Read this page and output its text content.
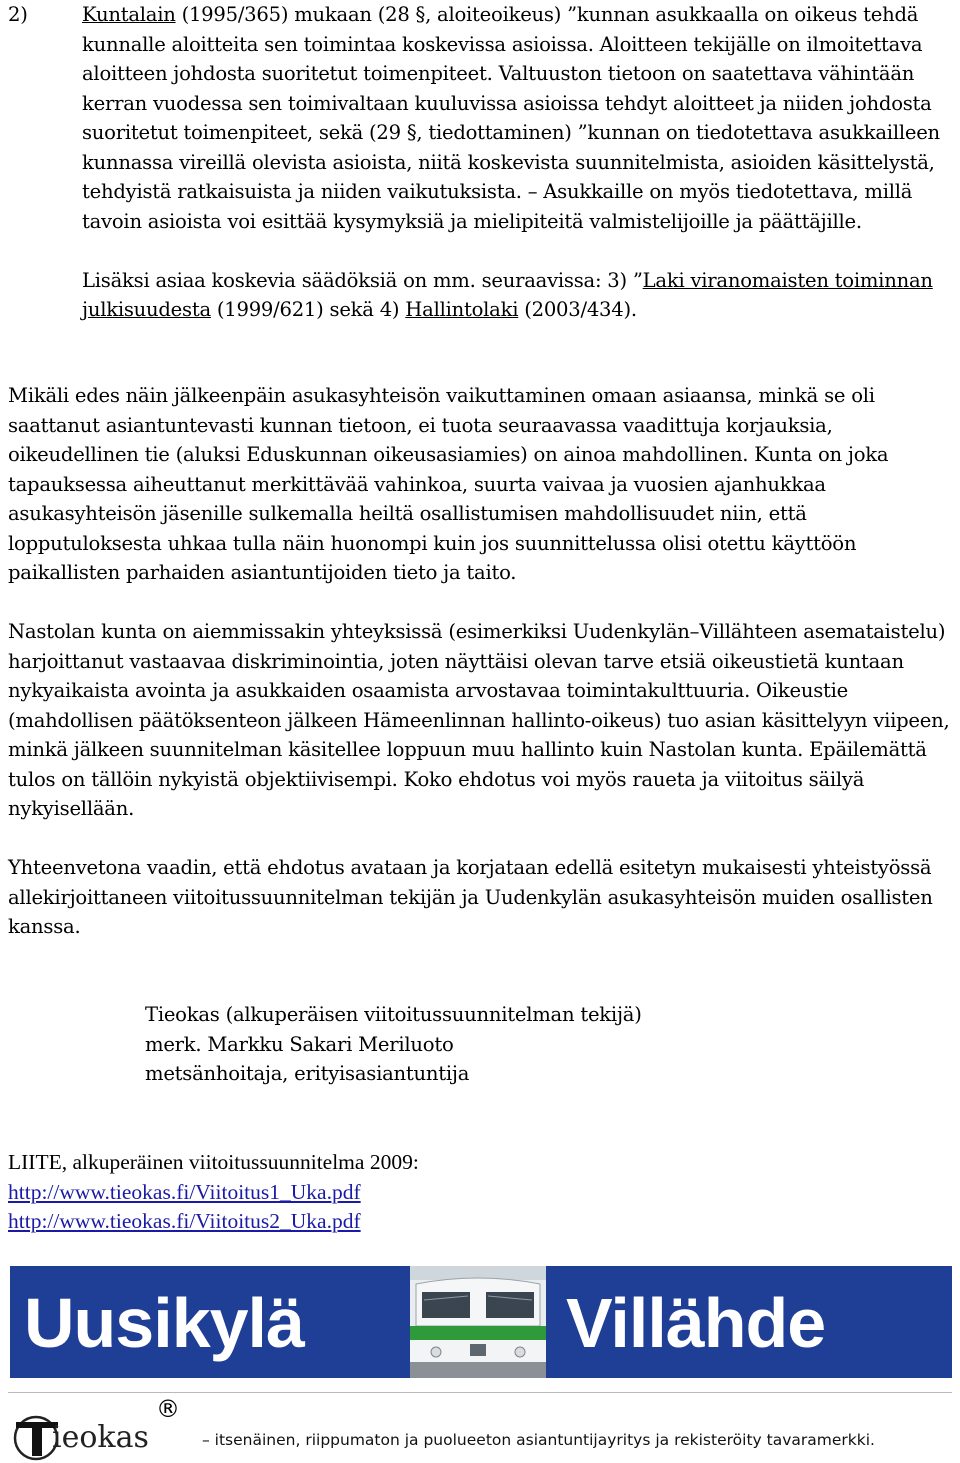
2)	Kuntalain (1995/365) mukaan (28 §, aloiteoikeus) ”kunnan asukkaalla on oikeus tehdä kunnalle aloitteita sen toimintaa koskevissa asioissa. Aloitteen tekijälle on ilmoitettava aloitteen johdosta suoritetut toimenpiteet. Valtuuston tietoon on saatettava vähintään kerran vuodessa sen toimivaltaan kuuluvissa asioissa tehdyt aloitteet ja niiden johdosta suoritetut toimenpiteet, sekä (29 §, tiedottaminen) ”kunnan on tiedotettava asukkailleen kunnassa vireillä olevista asioista, niitä koskevista suunnitelmista, asioiden käsittelystä, tehdyistä ratkaisuista ja niiden vaikutuksista. – Asukkaille on myös tiedotettava, millä tavoin asioista voi esittää kysymyksiä ja mielipiteitä valmistelijoille ja päättäjille.

Lisäksi asiaa koskevia säädöksiä on mm. seuraavissa: 3) ”Laki viranomaisten toiminnan julkisuudesta (1999/621) sekä 4) Hallintolaki (2003/434).

Mikäli edes näin jälkeenpäin asukasyhteisön vaikuttaminen omaan asiaansa, minkä se oli saattanut asiantuntevasti kunnan tietoon, ei tuota seuraavassa vaadittuja korjauksia, oikeudellinen tie (aluksi Eduskunnan oikeusasiamies) on ainoa mahdollinen. Kunta on joka tapauksessa aiheuttanut merkittävää vahinkoa, suurta vaivaa ja vuosien ajanhukkaa asukasyhteisön jäsenille sulkemalla heiltä osallistumisen mahdollisuudet niin, että lopputuloksesta uhkaa tulla näin huonompi kuin jos suunnittelussa olisi otettu käyttöön paikallisten parhaiden asiantuntijoiden tieto ja taito.

Nastolan kunta on aiemmissakin yhteyksissä (esimerkiksi Uudenkylän–Villähteen asemataistelu) harjoittanut vastaavaa diskriminointia, joten näyttäisi olevan tarve etsiä oikeustietä kuntaan nykyaikaista avointa ja asukkaiden osaamista arvostavaa toimintakulttuuria. Oikeustie (mahdollisen päätöksenteon jälkeen Hämeenlinnan hallinto-oikeus) tuo asian käsittelyyn viipeen, minkä jälkeen suunnitelman käsitellee loppuun muu hallinto kuin Nastolan kunta. Epäilemättä tulos on tällöin nykyistä objektiivisempi. Koko ehdotus voi myös raueta ja viitoitus säilyä nykyisellään.

Yhteenvetona vaadin, että ehdotus avataan ja korjataan edellä esitetyn mukaisesti yhteistyössä allekirjoittaneen viitoitussuunnitelman tekijän ja Uudenkylän asukasyhteisön muiden osallisten kanssa.

Tieokas (alkuperäisen viitoitussuunnitelman tekijä)
merk. Markku Sakari Meriluoto
metsänhoitaja, erityisasiantuntija
LIITE, alkuperäinen viitoitussuunnitelma 2009:
http://www.tieokas.fi/Viitoitus1_Uka.pdf
http://www.tieokas.fi/Viitoitus2_Uka.pdf
Uusikylä	Villähde
ieokas
®
– itsenäinen, riippumaton ja puolueeton asiantuntijayritys ja rekisteröity tavaramerkki.
